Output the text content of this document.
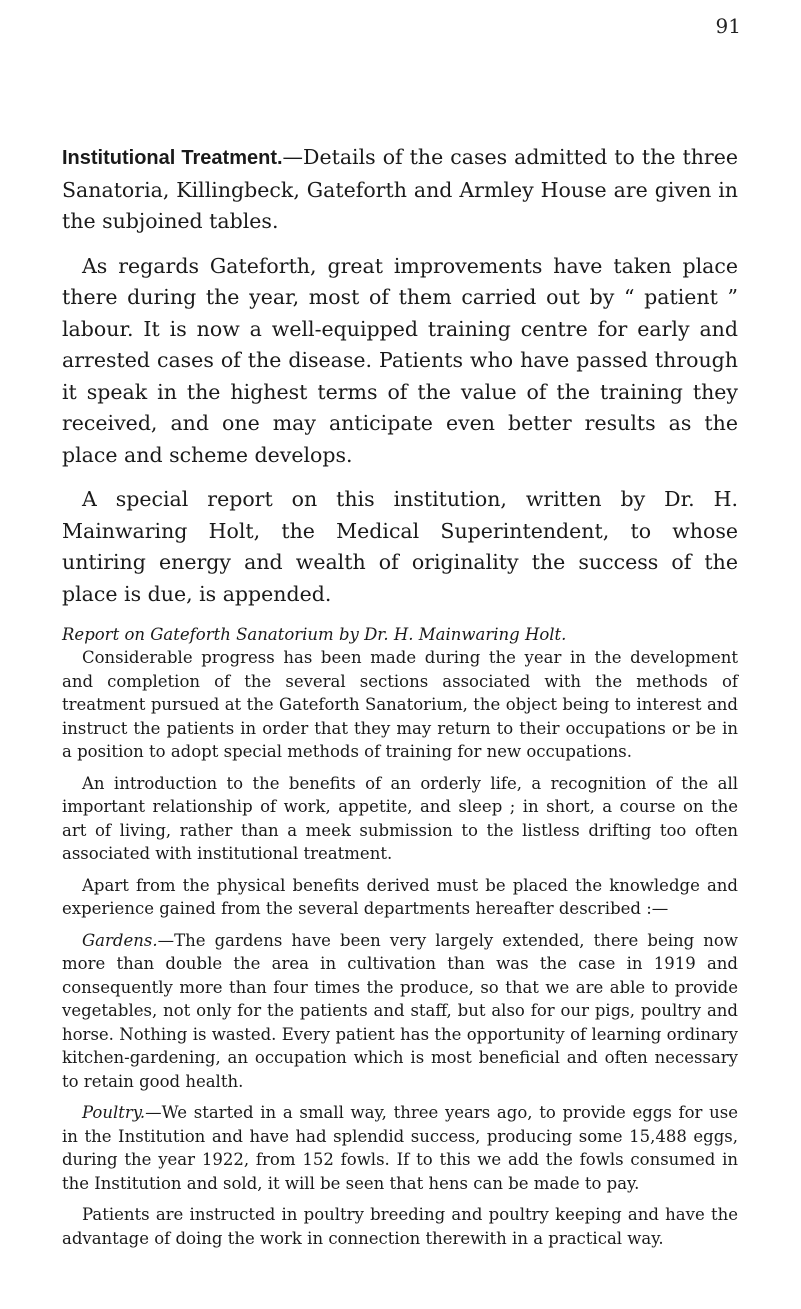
91

Institutional Treatment.—Details of the cases admitted to the three Sanatoria, Killingbeck, Gateforth and Armley House are given in the subjoined tables.

As regards Gateforth, great improvements have taken place there during the year, most of them carried out by “ patient ” labour. It is now a well-equipped training centre for early and arrested cases of the disease. Patients who have passed through it speak in the highest terms of the value of the training they received, and one may anticipate even better results as the place and scheme develops.

A special report on this institution, written by Dr. H. Mainwaring Holt, the Medical Superintendent, to whose untiring energy and wealth of originality the success of the place is due, is appended.

Report on Gateforth Sanatorium by Dr. H. Mainwaring Holt.

Considerable progress has been made during the year in the development and completion of the several sections associated with the methods of treatment pursued at the Gateforth Sanatorium, the object being to interest and instruct the patients in order that they may return to their occupations or be in a position to adopt special methods of training for new occupations.

An introduction to the benefits of an orderly life, a recognition of the all important relationship of work, appetite, and sleep ; in short, a course on the art of living, rather than a meek submission to the listless drifting too often associated with institutional treatment.

Apart from the physical benefits derived must be placed the knowledge and experience gained from the several departments hereafter described :—

Gardens.—The gardens have been very largely extended, there being now more than double the area in cultivation than was the case in 1919 and consequently more than four times the produce, so that we are able to provide vegetables, not only for the patients and staff, but also for our pigs, poultry and horse. Nothing is wasted. Every patient has the opportunity of learning ordinary kitchen-gardening, an occupation which is most beneficial and often necessary to retain good health.

Poultry.—We started in a small way, three years ago, to provide eggs for use in the Institution and have had splendid success, producing some 15,488 eggs, during the year 1922, from 152 fowls. If to this we add the fowls consumed in the Institution and sold, it will be seen that hens can be made to pay.

Patients are instructed in poultry breeding and poultry keeping and have the advantage of doing the work in connection therewith in a practical way.
